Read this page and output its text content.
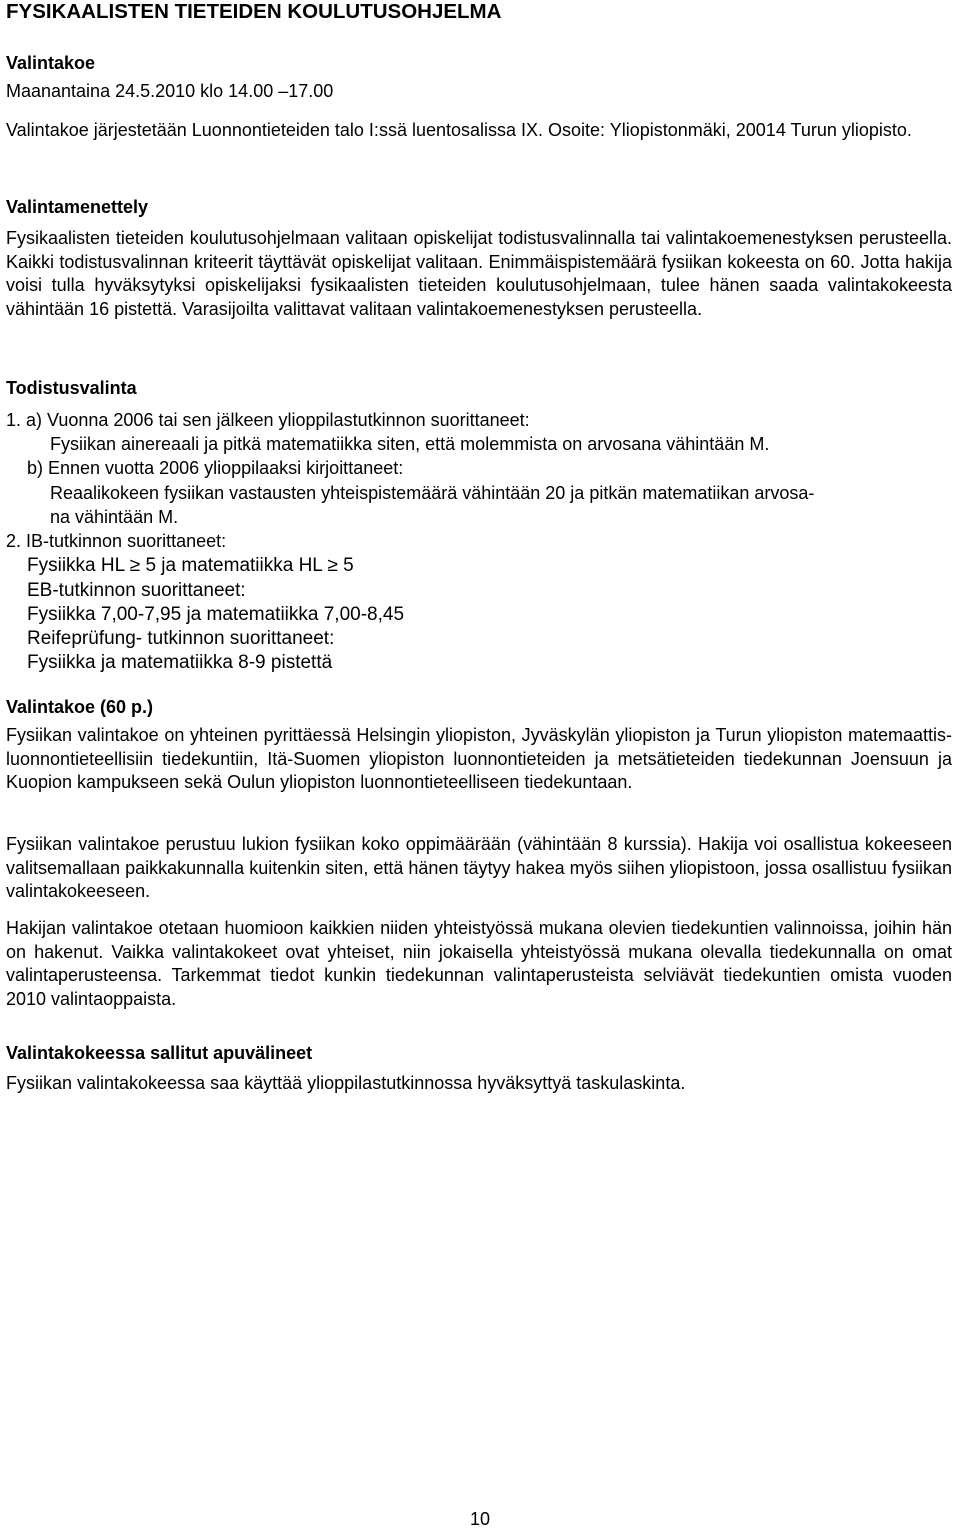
FYSIKAALISTEN TIETEIDEN KOULUTUSOHJELMA

Valintakoe

Maanantaina 24.5.2010 klo 14.00 –17.00

Valintakoe järjestetään Luonnontieteiden talo I:ssä luentosalissa IX. Osoite: Yliopistonmäki, 20014 Turun yliopisto.

Valintamenettely

Fysikaalisten tieteiden koulutusohjelmaan valitaan opiskelijat todistusvalinnalla tai valintakoemenestyksen perusteella. Kaikki todistusvalinnan kriteerit täyttävät opiskelijat valitaan. Enimmäispistemäärä fysiikan kokeesta on 60. Jotta hakija voisi tulla hyväksytyksi opiskelijaksi fysikaalisten tieteiden koulutusohjelmaan, tulee hänen saada valintakokeesta vähintään 16 pistettä. Varasijoilta valittavat valitaan valintakoemenestyksen perusteella.

Todistusvalinta

1. a) Vuonna 2006 tai sen jälkeen ylioppilastutkinnon suorittaneet:

Fysiikan ainereaali ja pitkä matematiikka siten, että molemmista on arvosana vähintään M.

b) Ennen vuotta 2006 ylioppilaaksi kirjoittaneet:

Reaalikokeen fysiikan vastausten yhteispistemäärä vähintään 20 ja pitkän matematiikan arvosa-

na vähintään M.

2. IB-tutkinnon suorittaneet:

Fysiikka HL ≥ 5 ja matematiikka HL ≥ 5

EB-tutkinnon suorittaneet:

Fysiikka 7,00-7,95 ja matematiikka 7,00-8,45

Reifeprüfung- tutkinnon suorittaneet:

Fysiikka ja matematiikka 8-9 pistettä

Valintakoe (60 p.)

Fysiikan valintakoe on yhteinen pyrittäessä Helsingin yliopiston, Jyväskylän yliopiston ja Turun yliopiston matemaattis-luonnontieteellisiin tiedekuntiin, Itä-Suomen yliopiston luonnontieteiden ja metsätieteiden tiedekunnan Joensuun ja Kuopion kampukseen sekä Oulun yliopiston luonnontieteelliseen tiedekuntaan.

Fysiikan valintakoe perustuu lukion fysiikan koko oppimäärään (vähintään 8 kurssia). Hakija voi osallistua kokeeseen valitsemallaan paikkakunnalla kuitenkin siten, että hänen täytyy hakea myös siihen yliopistoon, jossa osallistuu fysiikan valintakokeeseen.

Hakijan valintakoe otetaan huomioon kaikkien niiden yhteistyössä mukana olevien tiedekuntien valinnoissa, joihin hän on hakenut. Vaikka valintakokeet ovat yhteiset, niin jokaisella yhteistyössä mukana olevalla tiedekunnalla on omat valintaperusteensa. Tarkemmat tiedot kunkin tiedekunnan valintaperusteista selviävät tiedekuntien omista vuoden 2010 valintaoppaista.

Valintakokeessa sallitut apuvälineet

Fysiikan valintakokeessa saa käyttää ylioppilastutkinnossa hyväksyttyä taskulaskinta.

10
